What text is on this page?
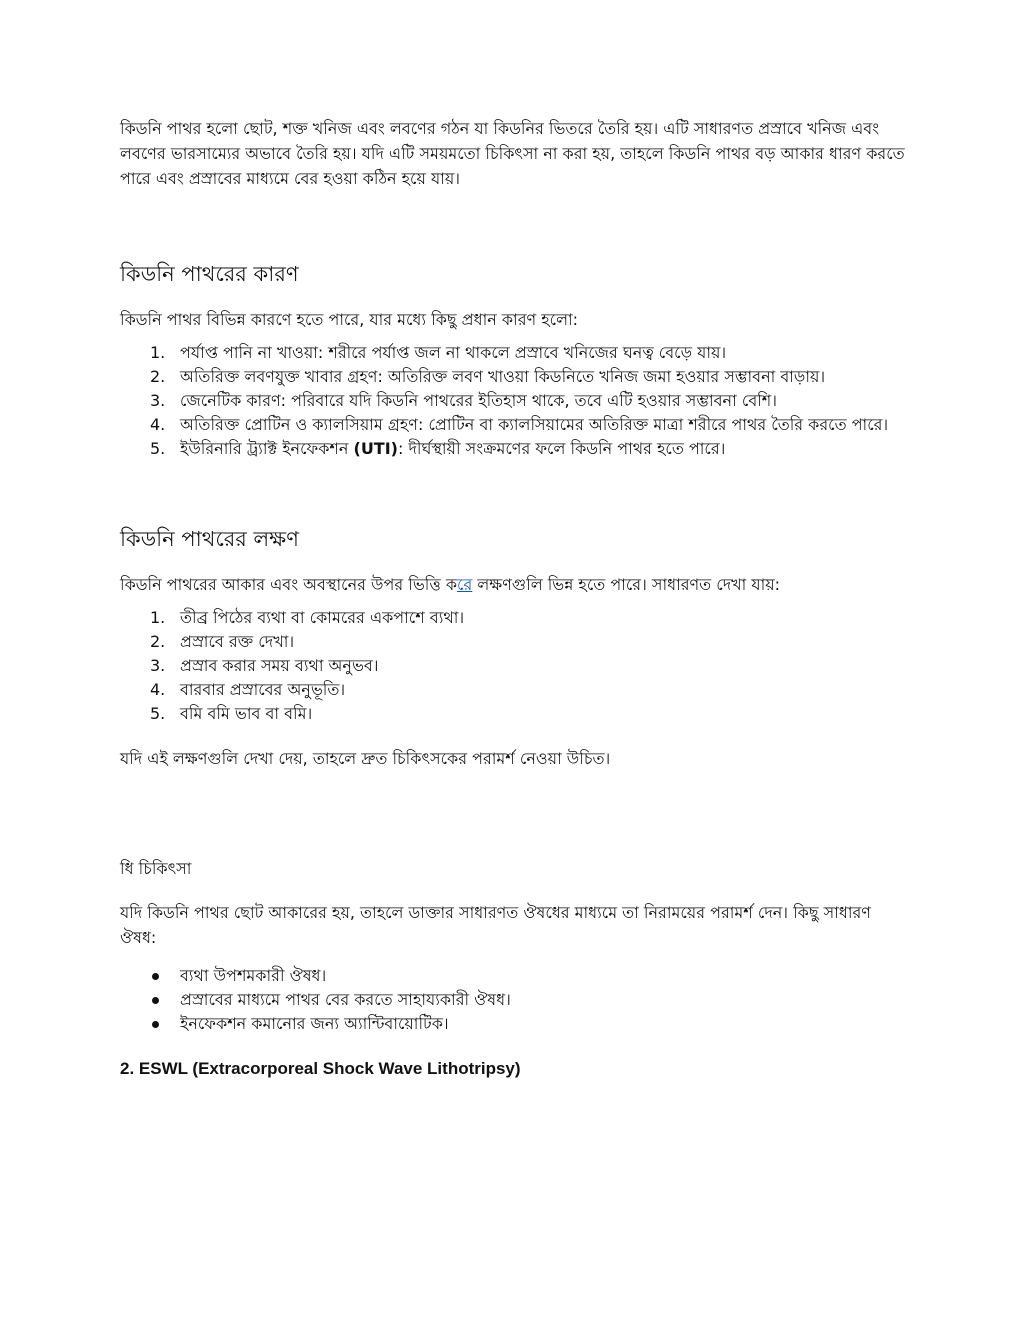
কিডনি পাথর হলো ছোট, শক্ত খনিজ এবং লবণের গঠন যা কিডনির ভিতরে তৈরি হয়। এটি সাধারণত প্রস্রাবে খনিজ এবং লবণের ভারসাম্যের অভাবে তৈরি হয়। যদি এটি সময়মতো চিকিৎসা না করা হয়, তাহলে কিডনি পাথর বড় আকার ধারণ করতে পারে এবং প্রস্রাবের মাধ্যমে বের হওয়া কঠিন হয়ে যায়।

কিডনি পাথরের কারণ

কিডনি পাথর বিভিন্ন কারণে হতে পারে, যার মধ্যে কিছু প্রধান কারণ হলো:

1. পর্যাপ্ত পানি না খাওয়া: শরীরে পর্যাপ্ত জল না থাকলে প্রস্রাবে খনিজের ঘনত্ব বেড়ে যায়।
2. অতিরিক্ত লবণযুক্ত খাবার গ্রহণ: অতিরিক্ত লবণ খাওয়া কিডনিতে খনিজ জমা হওয়ার সম্ভাবনা বাড়ায়।
3. জেনেটিক কারণ: পরিবারে যদি কিডনি পাথরের ইতিহাস থাকে, তবে এটি হওয়ার সম্ভাবনা বেশি।
4. অতিরিক্ত প্রোটিন ও ক্যালসিয়াম গ্রহণ: প্রোটিন বা ক্যালসিয়ামের অতিরিক্ত মাত্রা শরীরে পাথর তৈরি করতে পারে।
5. ইউরিনারি ট্র্যাক্ট ইনফেকশন (UTI): দীর্ঘস্থায়ী সংক্রমণের ফলে কিডনি পাথর হতে পারে।
কিডনি পাথরের লক্ষণ

কিডনি পাথরের আকার এবং অবস্থানের উপর ভিত্তি করে লক্ষণগুলি ভিন্ন হতে পারে। সাধারণত দেখা যায়:

1. তীব্র পিঠের ব্যথা বা কোমরের একপাশে ব্যথা।
2. প্রস্রাবে রক্ত দেখা।
3. প্রস্রাব করার সময় ব্যথা অনুভব।
4. বারবার প্রস্রাবের অনুভূতি।
5. বমি বমি ভাব বা বমি।

যদি এই লক্ষণগুলি দেখা দেয়, তাহলে দ্রুত চিকিৎসকের পরামর্শ নেওয়া উচিত।

ধি চিকিৎসা

যদি কিডনি পাথর ছোট আকারের হয়, তাহলে ডাক্তার সাধারণত ঔষধের মাধ্যমে তা নিরাময়ের পরামর্শ দেন। কিছু সাধারণ ঔষধ:

ব্যথা উপশমকারী ঔষধ।
প্রস্রাবের মাধ্যমে পাথর বের করতে সাহায্যকারী ঔষধ।
ইনফেকশন কমানোর জন্য অ্যান্টিবায়োটিক।

2. ESWL (Extracorporeal Shock Wave Lithotripsy)
